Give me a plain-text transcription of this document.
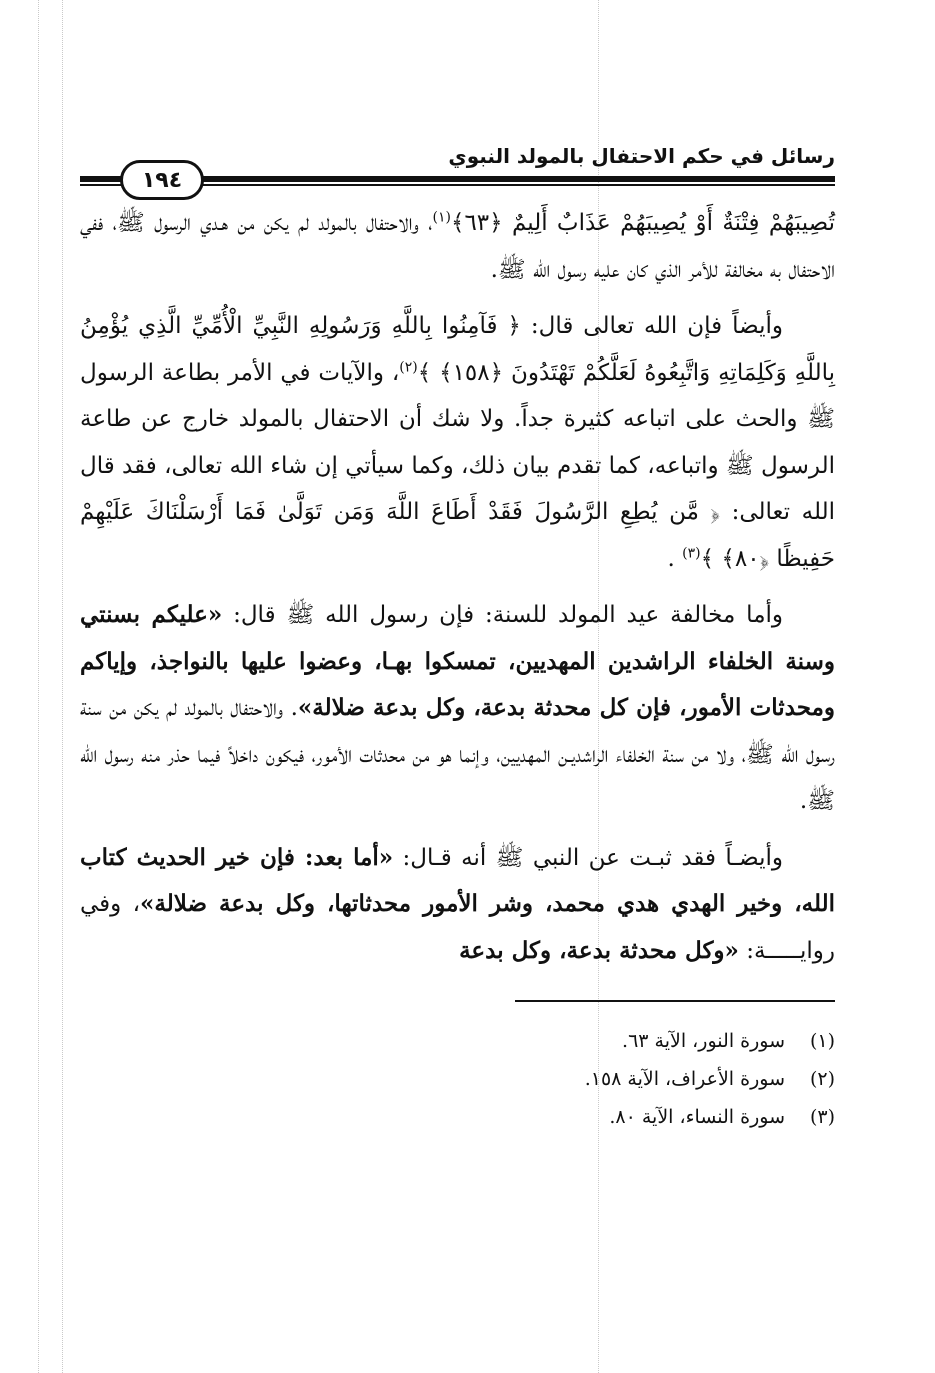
رسائل في حكم الاحتفال بالمولد النبوي
١٩٤

تُصِيبَهُمْ فِتْنَةٌ أَوْ يُصِيبَهُمْ عَذَابٌ أَلِيمٌ ﴿٦٣﴾$^{(١)}$، والاحتفال بالمولد لم يكن من هـدي الرسول ﷺ، ففي الاحتفال به مخالفة للأمر الذي كان عليه رسول الله ﷺ.

وأيضاً فإن الله تعالى قال: ﴿ فَآمِنُوا بِاللَّهِ وَرَسُولِهِ النَّبِيِّ الْأُمِّيِّ الَّذِي يُؤْمِنُ بِاللَّهِ وَكَلِمَاتِهِ وَاتَّبِعُوهُ لَعَلَّكُمْ تَهْتَدُونَ ﴿١٥٨﴾ ﴾$^{(٢)}$، والآيات في الأمر بطاعة الرسول ﷺ والحث على اتباعه كثيرة جداً. ولا شك أن الاحتفال بالمولد خارج عن طاعة الرسول ﷺ واتباعه، كما تقدم بيان ذلك، وكما سيأتي إن شاء الله تعالى، فقد قال الله تعالى: ﴿ مَّن يُطِعِ الرَّسُولَ فَقَدْ أَطَاعَ اللَّهَ وَمَن تَوَلَّىٰ فَمَا أَرْسَلْنَاكَ عَلَيْهِمْ حَفِيظًا ﴿٨٠﴾ ﴾$^{(٣)}$ .

وأما مخالفة عيد المولد للسنة: فإن رسول الله ﷺ قال: «عليكم بسنتي وسنة الخلفاء الراشدين المهديين، تمسكوا بهـا، وعضوا عليها بالنواجذ، وإياكم ومحدثات الأمور، فإن كل محدثة بدعة، وكل بدعة ضلالة». والاحتفال بالمولد لم يكن من سنة رسول الله ﷺ، ولا من سنة الخلفاء الراشديـن المهديين، وإنما هو من محدثات الأمور، فيكون داخلاً فيما حذر منه رسول الله ﷺ.

وأيضـاً فقد ثبـت عن النبي ﷺ أنه قـال: «أما بعد: فإن خير الحديث كتاب الله، وخير الهدي هدي محمد، وشر الأمور محدثاتها، وكل بدعة ضلالة»، وفي روايـــــة: «وكل محدثة بدعة، وكل بدعة

(١)
سورة النور، الآية ٦٣.
(٢)
سورة الأعراف، الآية ١٥٨.
(٣)
سورة النساء، الآية ٨٠.
